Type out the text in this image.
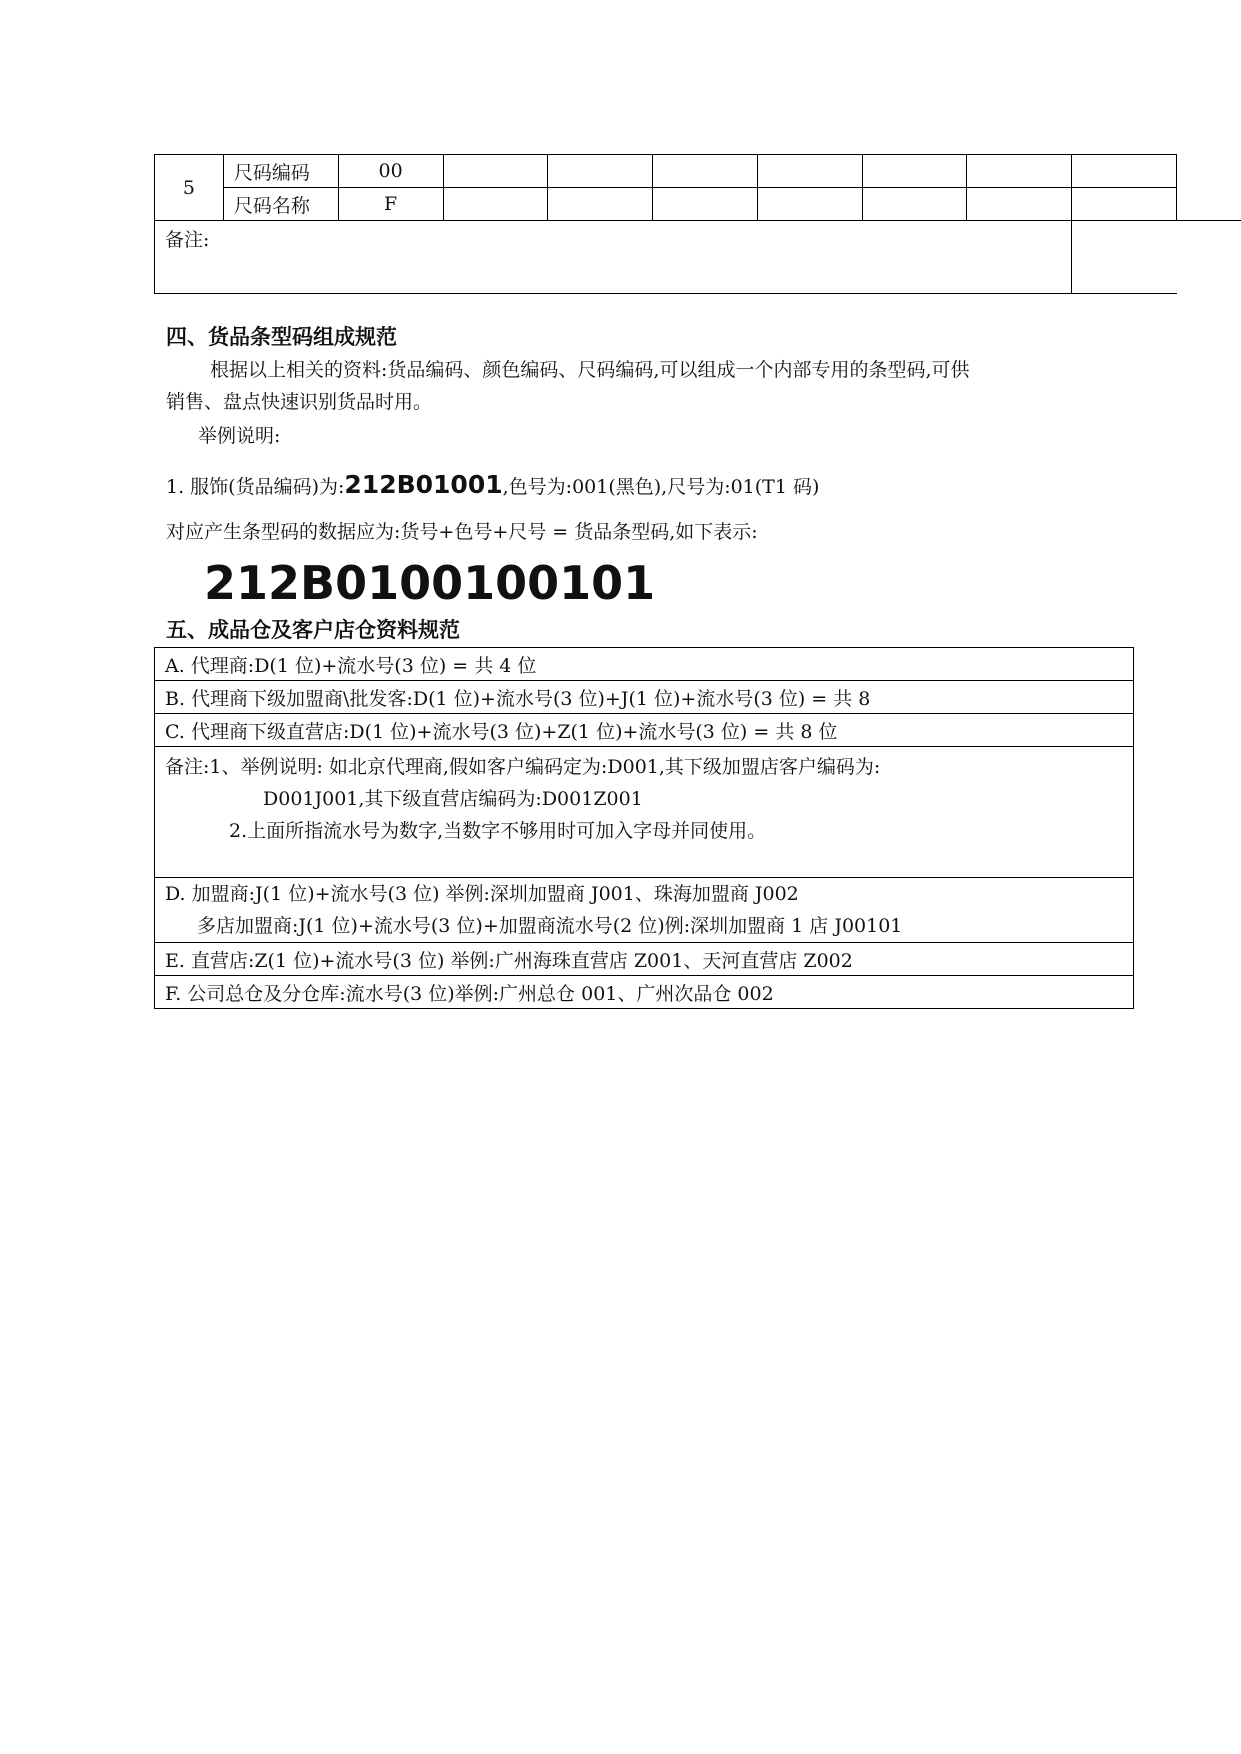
5	尺码编码	00								
	尺码名称	F								
备注:										
四、货品条型码组成规范
根据以上相关的资料:货品编码、颜色编码、尺码编码,可以组成一个内部专用的条型码,可供
销售、盘点快速识别货品时用。
举例说明:
1. 服饰(货品编码)为:212B01001,色号为:001(黑色),尺号为:01(T1 码)
对应产生条型码的数据应为:货号+色号+尺号 = 货品条型码,如下表示:
212B0100100101
五、成品仓及客户店仓资料规范
A. 代理商:D(1 位)+流水号(3 位) = 共 4 位
B. 代理商下级加盟商\批发客:D(1 位)+流水号(3 位)+J(1 位)+流水号(3 位) = 共 8
C. 代理商下级直营店:D(1 位)+流水号(3 位)+Z(1 位)+流水号(3 位) = 共 8 位

备注:1、举例说明: 如北京代理商,假如客户编码定为:D001,其下级加盟店客户编码为:
D001J001,其下级直营店编码为:D001Z001
2.上面所指流水号为数字,当数字不够用时可加入字母并同使用。

D. 加盟商:J(1 位)+流水号(3 位) 举例:深圳加盟商 J001、珠海加盟商 J002
多店加盟商:J(1 位)+流水号(3 位)+加盟商流水号(2 位)例:深圳加盟商 1 店 J00101

E. 直营店:Z(1 位)+流水号(3 位) 举例:广州海珠直营店 Z001、天河直营店 Z002
F. 公司总仓及分仓库:流水号(3 位)举例:广州总仓 001、广州次品仓 002
